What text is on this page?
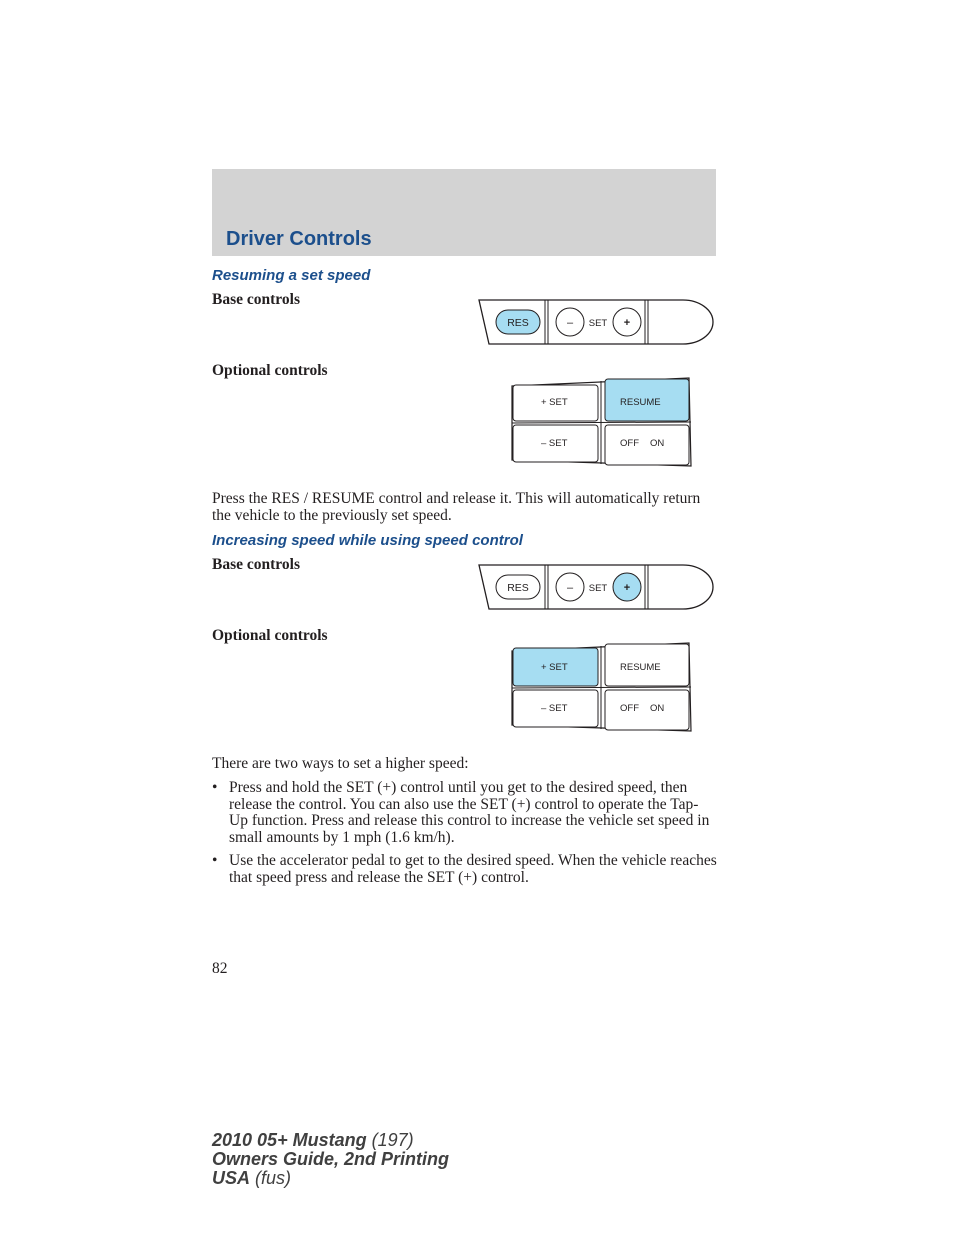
Driver Controls
Resuming a set speed
Base controls
RES	– SET +
Optional controls
+ SET	RESUME
– SET	OFF ON
Press the RES / RESUME control and release it. This will automatically return the vehicle to the previously set speed.
Increasing speed while using speed control
Base controls
RES	– SET +
Optional controls
+ SET	RESUME
– SET	OFF ON
There are two ways to set a higher speed:
• Press and hold the SET (+) control until you get to the desired speed, then release the control. You can also use the SET (+) control to operate the Tap-Up function. Press and release this control to increase the vehicle set speed in small amounts by 1 mph (1.6 km/h).
• Use the accelerator pedal to get to the desired speed. When the vehicle reaches that speed press and release the SET (+) control.
82
2010 05+ Mustang (197)
Owners Guide, 2nd Printing
USA (fus)
